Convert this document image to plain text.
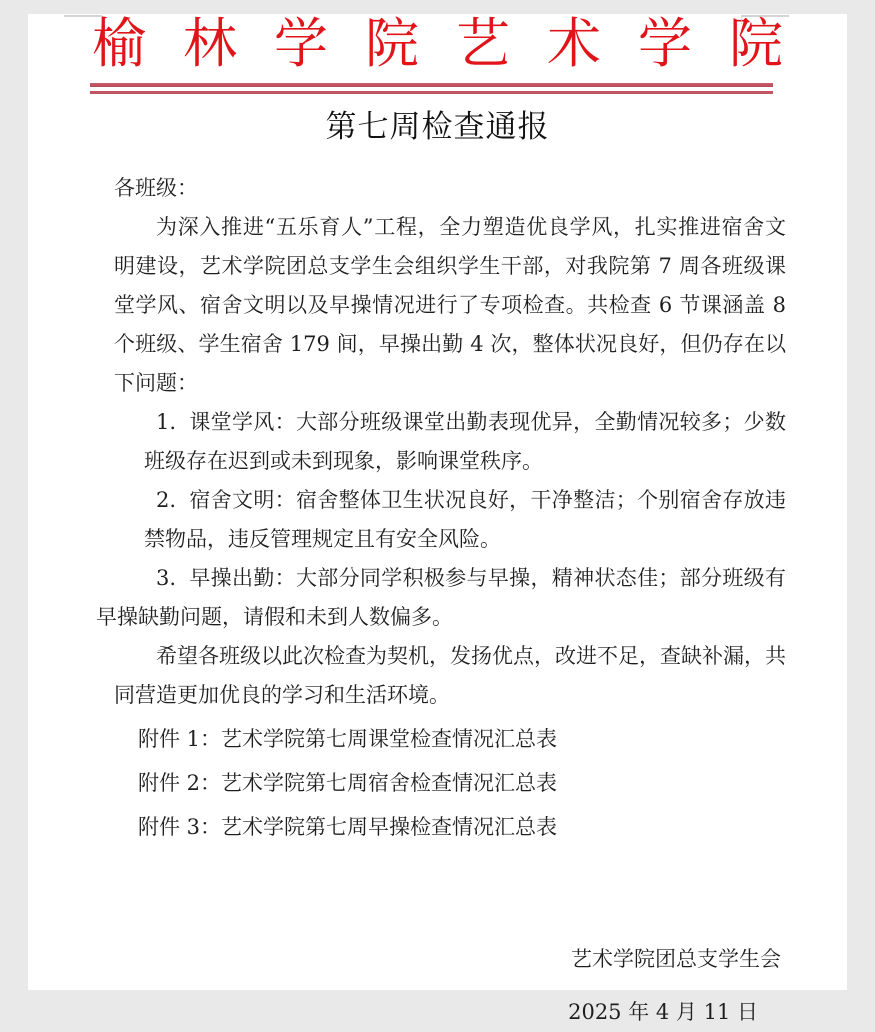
榆林学院艺术学院
第七周检查通报

各班级：

为深入推进“五乐育人”工程，全力塑造优良学风，扎实推进宿舍文明建设，艺术学院团总支学生会组织学生干部，对我院第 7 周各班级课堂学风、宿舍文明以及早操情况进行了专项检查。共检查 6 节课涵盖 8 个班级、学生宿舍 179 间，早操出勤 4 次，整体状况良好，但仍存在以下问题：

1. 课堂学风：大部分班级课堂出勤表现优异，全勤情况较多；少数班级存在迟到或未到现象，影响课堂秩序。

2. 宿舍文明：宿舍整体卫生状况良好，干净整洁；个别宿舍存放违禁物品，违反管理规定且有安全风险。

3. 早操出勤：大部分同学积极参与早操，精神状态佳；部分班级有早操缺勤问题，请假和未到人数偏多。

希望各班级以此次检查为契机，发扬优点，改进不足，查缺补漏，共同营造更加优良的学习和生活环境。

附件 1：艺术学院第七周课堂检查情况汇总表

附件 2：艺术学院第七周宿舍检查情况汇总表

附件 3：艺术学院第七周早操检查情况汇总表

艺术学院团总支学生会
2025 年 4 月 11 日
